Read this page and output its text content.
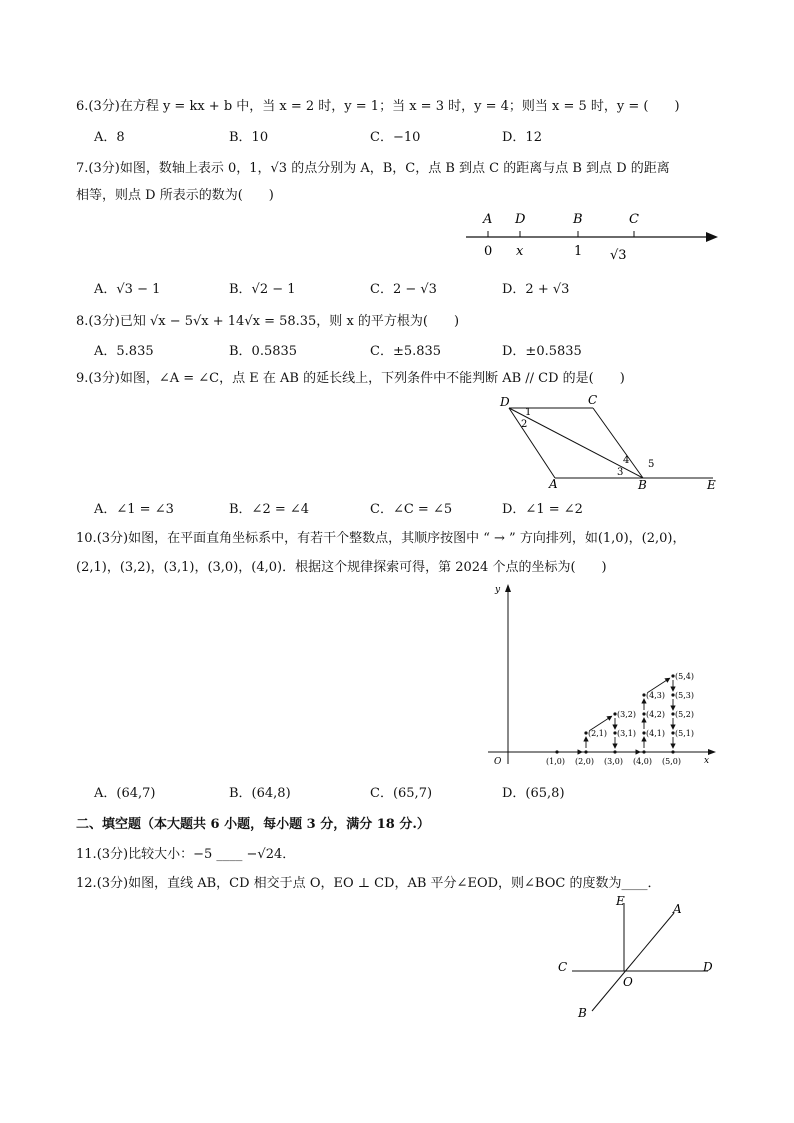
6.(3分)在方程 y = kx + b 中，当 x = 2 时，y = 1；当 x = 3 时，y = 4；则当 x = 5 时，y = (　　)
A．8	B．10	C．−10	D．12
7.(3分)如图，数轴上表示 0，1，√3 的点分别为 A，B，C，点 B 到点 C 的距离与点 B 到点 D 的距离
相等，则点 D 所表示的数为(　　)
A D	B	C
0 x	1 √3
A．√3 − 1	B．√2 − 1	C．2 − √3	D．2 + √3
8.(3分)已知 √x − 5√x + 14√x = 58.35，则 x 的平方根为(　　)
A．5.835	B．0.5835	C．±5.835	D．±0.5835
9.(3分)如图，∠A = ∠C，点 E 在 AB 的延长线上，下列条件中不能判断 AB // CD 的是(　　)
D	C
A	B	E
1
2
3
4 5
A．∠1 = ∠3	B．∠2 = ∠4	C．∠C = ∠5	D．∠1 = ∠2
10.(3分)如图，在平面直角坐标系中，有若干个整数点，其顺序按图中 “ → ” 方向排列，如(1,0)，(2,0)，
(2,1)，(3,2)，(3,1)，(3,0)，(4,0)．根据这个规律探索可得，第 2024 个点的坐标为(　　)
x
y
O	(1,0) (2,0) (3,0) (4,0) (5,0)
(2,1) (3,1) (4,1) (5,1)
(3,2) (4,2) (5,2)
(4,3) (5,3)
(5,4)
A．(64,7)	B．(64,8)	C．(65,7)	D．(65,8)
二、填空题（本大题共 6 小题，每小题 3 分，满分 18 分.）
11.(3分)比较大小：−5 ____ −√24．
12.(3分)如图，直线 AB，CD 相交于点 O，EO ⊥ CD，AB 平分∠EOD，则∠BOC 的度数为____．
E
A
C	D
O
B
